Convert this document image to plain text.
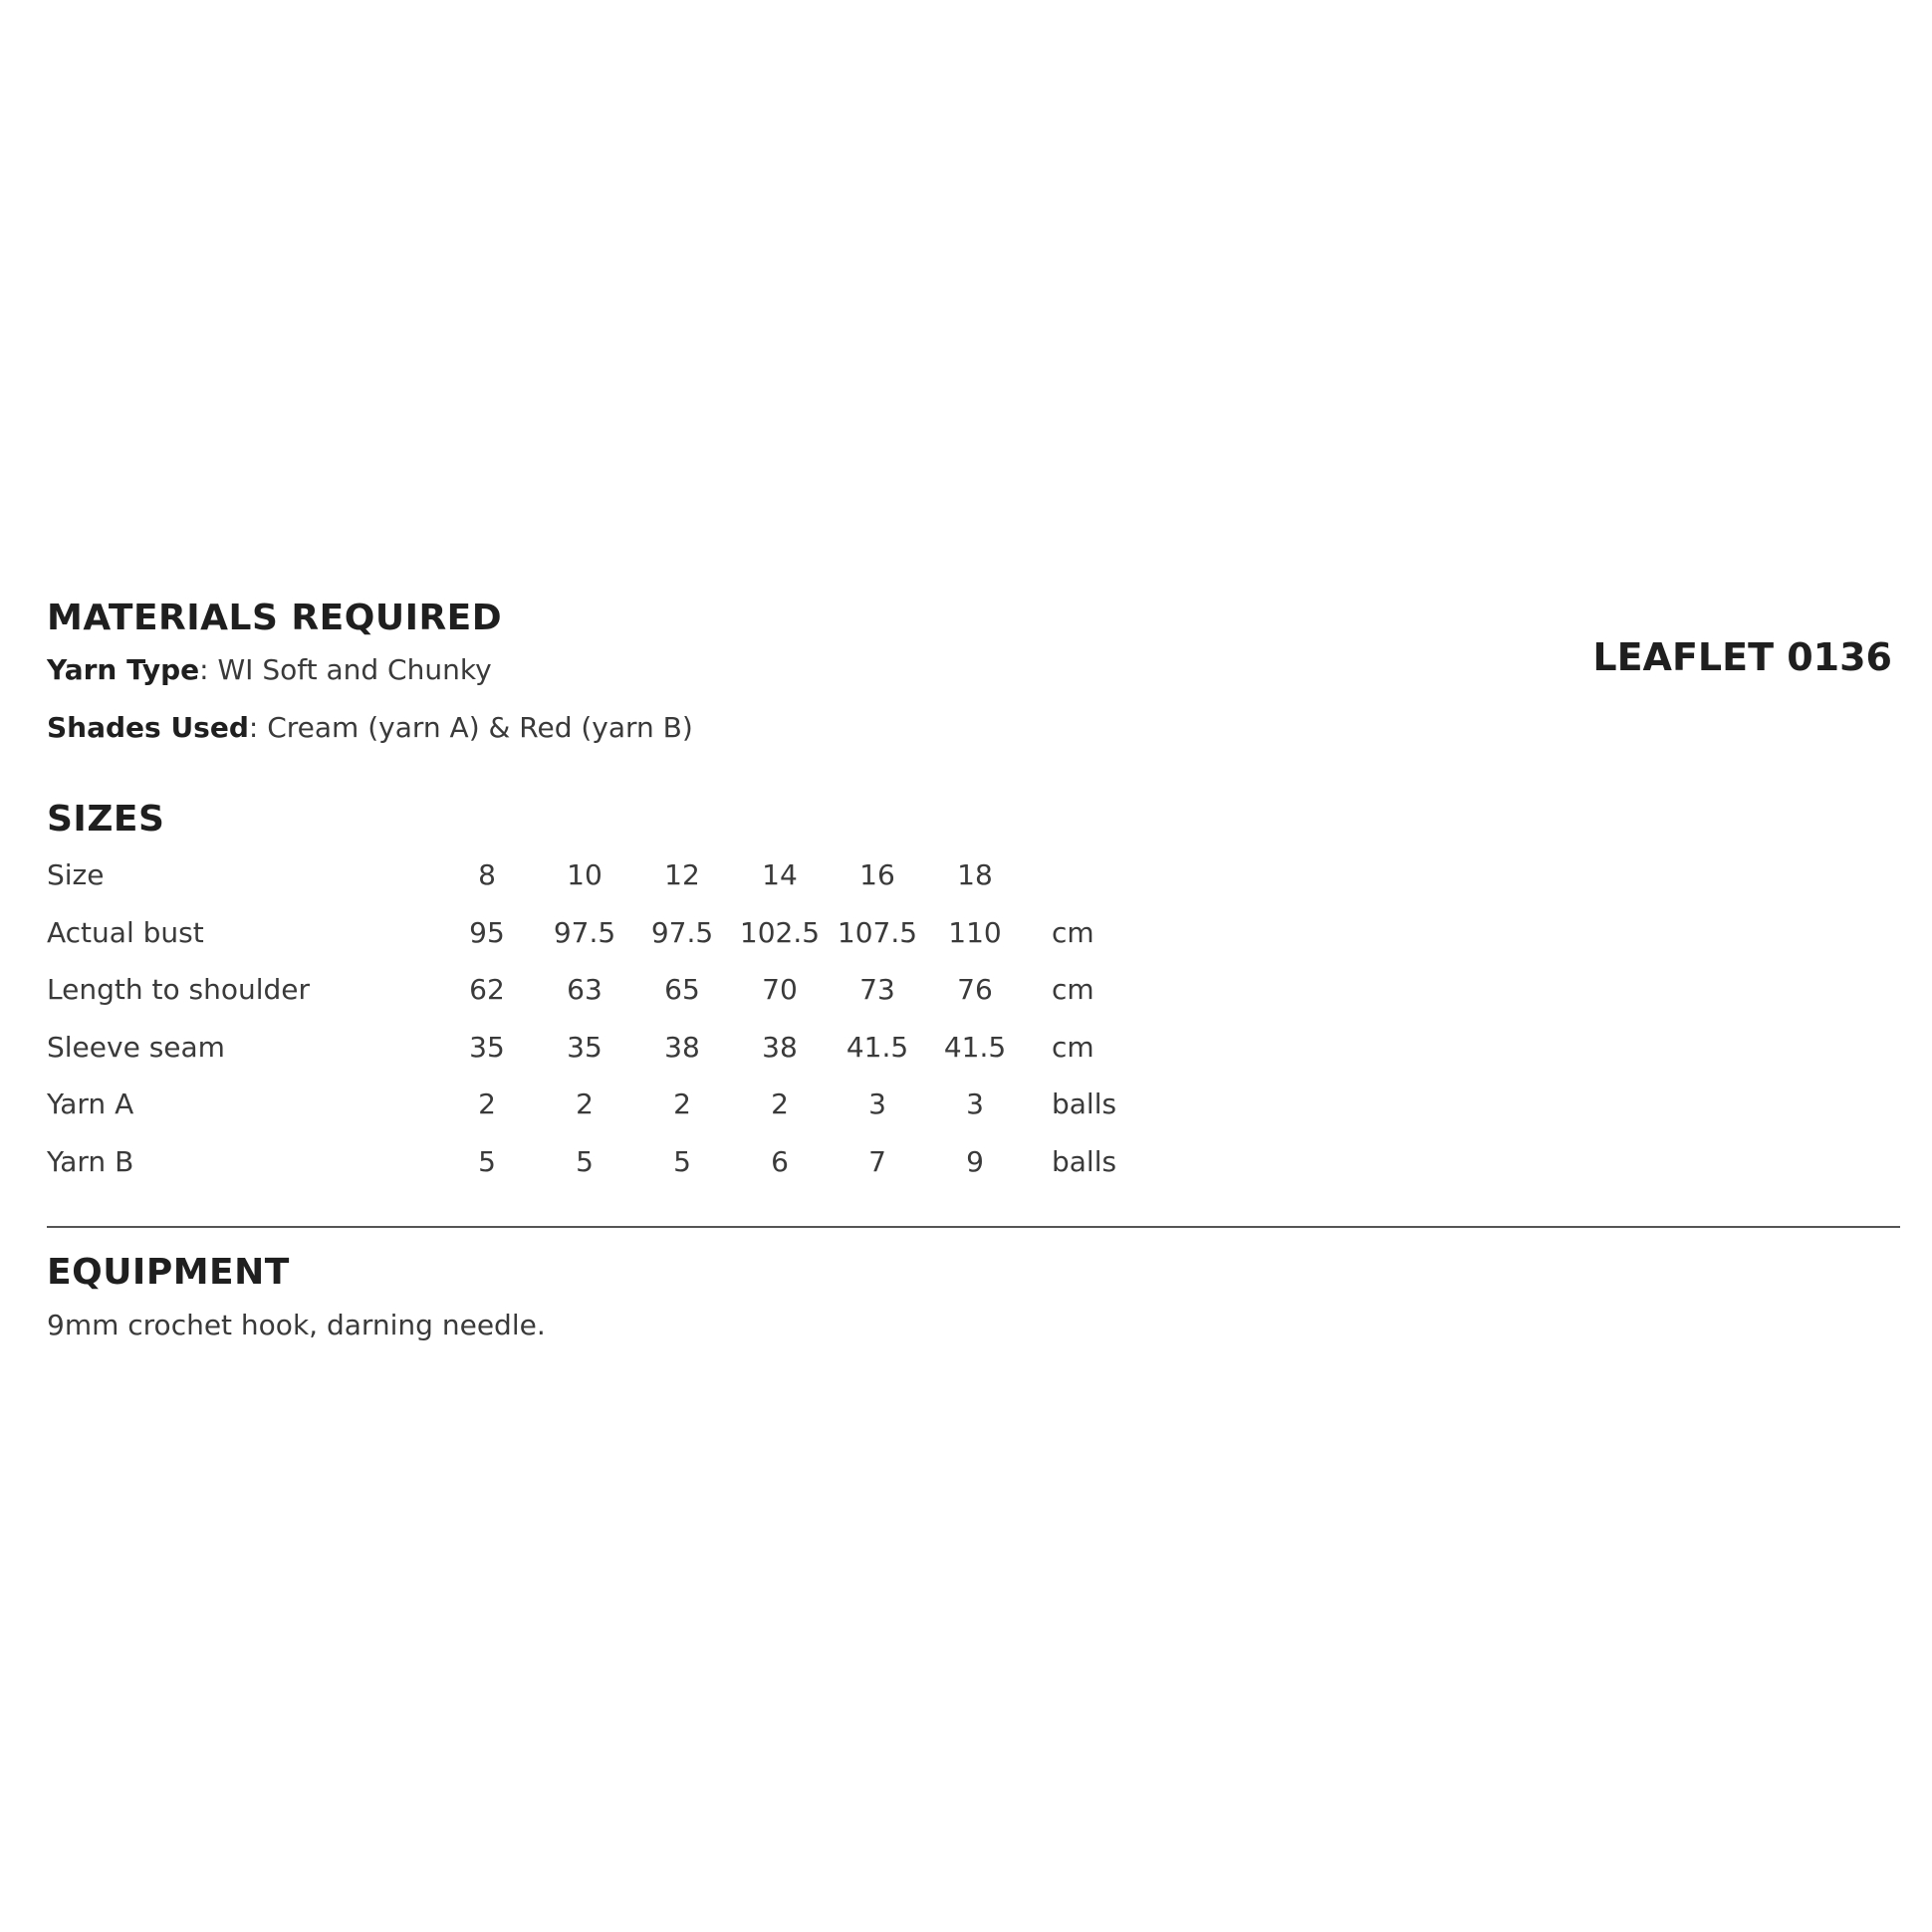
MATERIALS REQUIRED

Yarn Type: WI Soft and Chunky

Shades Used: Cream (yarn A) & Red (yarn B)

LEAFLET 0136
SIZES
Size	8	10	12	14	16	18	
Actual bust	95	97.5	97.5	102.5	107.5	110	cm
Length to shoulder	62	63	65	70	73	76	cm
Sleeve seam	35	35	38	38	41.5	41.5	cm
Yarn A	2	2	2	2	3	3	balls
Yarn B	5	5	5	6	7	9	balls
EQUIPMENT

9mm crochet hook, darning needle.
